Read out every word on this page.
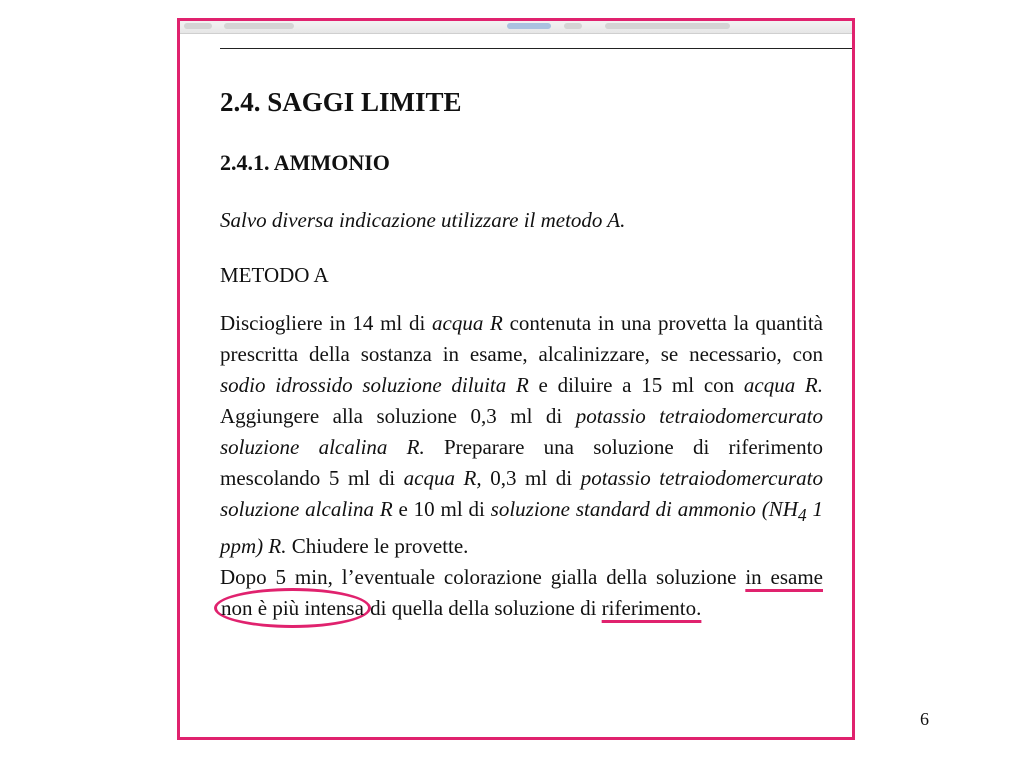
2.4. SAGGI LIMITE
2.4.1. AMMONIO

Salvo diversa indicazione utilizzare il metodo A.

METODO A

Disciogliere in 14 ml di acqua R contenuta in una provetta la quantità prescritta della sostanza in esame, alcalinizzare, se necessario, con sodio idrossido soluzione diluita R e diluire a 15 ml con acqua R. Aggiungere alla soluzione 0,3 ml di potassio tetraiodomercurato soluzione alcalina R. Preparare una soluzione di riferimento mescolando 5 ml di acqua R, 0,3 ml di potassio tetraiodomercurato soluzione alcalina R e 10 ml di soluzione standard di ammonio ($NH_4$ 1 ppm) R. Chiudere le provette.

Dopo 5 min, l’eventuale colorazione gialla della soluzione in esame non è più intensa di quella della soluzione di riferimento.

6
